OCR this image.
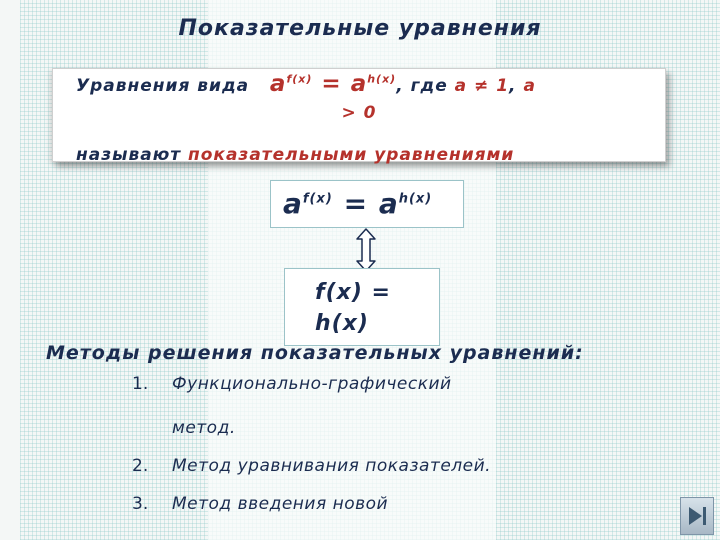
Показательные уравнения
Уравнения вида $a^{f(x)} = a^{h(x)}$, где a ≠ 1, a
> 0
называют показательными уравнениями
$a^{f(x)} = a^{h(x)}$
f(x) =
h(x)
Методы решения показательных уравнений:
1. Функционально-графический
метод.
2. Метод уравнивания показателей.
3. Метод введения новой
